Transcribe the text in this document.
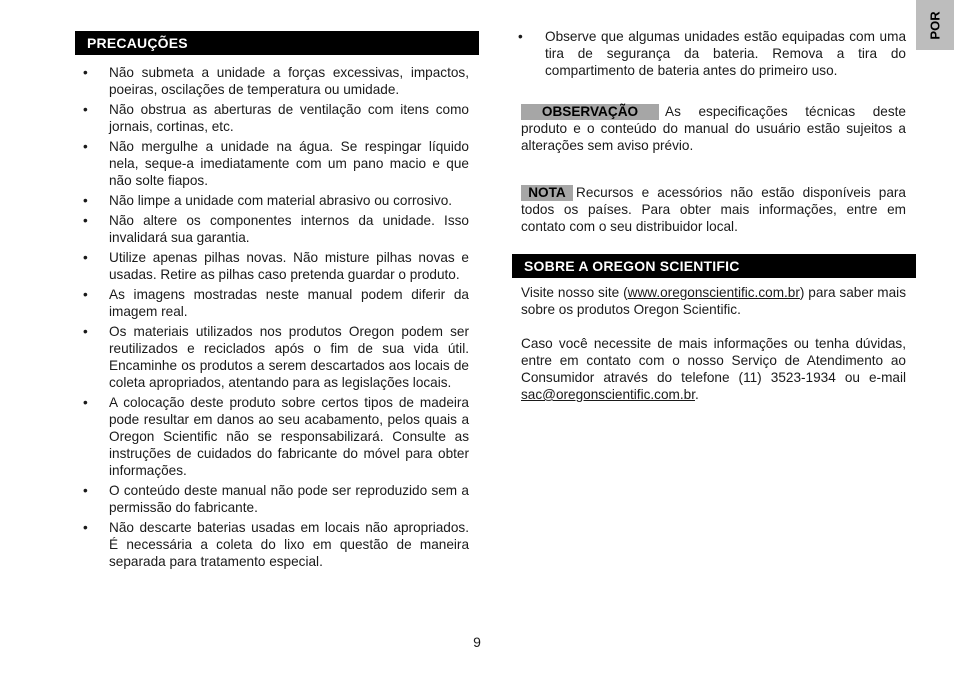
POR
PRECAUÇÕES
•	Não submeta a unidade a forças excessivas, impactos, poeiras, oscilações de temperatura ou umidade.
•	Não obstrua as aberturas de ventilação com itens como jornais, cortinas, etc.
•	Não mergulhe a unidade na água. Se respingar líquido nela, seque-a imediatamente com um pano macio e que não solte fiapos.
•	Não limpe a unidade com material abrasivo ou corrosivo.
•	Não altere os componentes internos da unidade. Isso invalidará sua garantia.
•	Utilize apenas pilhas novas. Não misture pilhas novas e usadas. Retire as pilhas caso pretenda guardar o produto.
•	As imagens mostradas neste manual podem diferir da imagem real.
•	Os materiais utilizados nos produtos Oregon podem ser reutilizados e reciclados após o fim de sua vida útil. Encaminhe os produtos a serem descartados aos locais de coleta apropriados, atentando para as legislações locais.
•	A colocação deste produto sobre certos tipos de madeira pode resultar em danos ao seu acabamento, pelos quais a Oregon Scientific não se responsabilizará. Consulte as instruções de cuidados do fabricante do móvel para obter informações.
•	O conteúdo deste manual não pode ser reproduzido sem a permissão do fabricante.
•	Não descarte baterias usadas em locais não apropriados. É necessária a coleta do lixo em questão de maneira separada para tratamento especial.
• Observe que algumas unidades estão equipadas com uma tira de segurança da bateria. Remova a tira do compartimento de bateria antes do primeiro uso.

OBSERVAÇÃO As especificações técnicas deste produto e o conteúdo do manual do usuário estão sujeitos a alterações sem aviso prévio.

NOTA Recursos e acessórios não estão disponíveis para todos os países. Para obter mais informações, entre em contato com o seu distribuidor local.

SOBRE A OREGON SCIENTIFIC

Visite nosso site (www.oregonscientific.com.br) para saber mais sobre os produtos Oregon Scientific.

Caso você necessite de mais informações ou tenha dúvidas, entre em contato com o nosso Serviço de Atendimento ao Consumidor através do telefone (11) 3523-1934 ou e-mail sac@oregonscientific.com.br.

9
